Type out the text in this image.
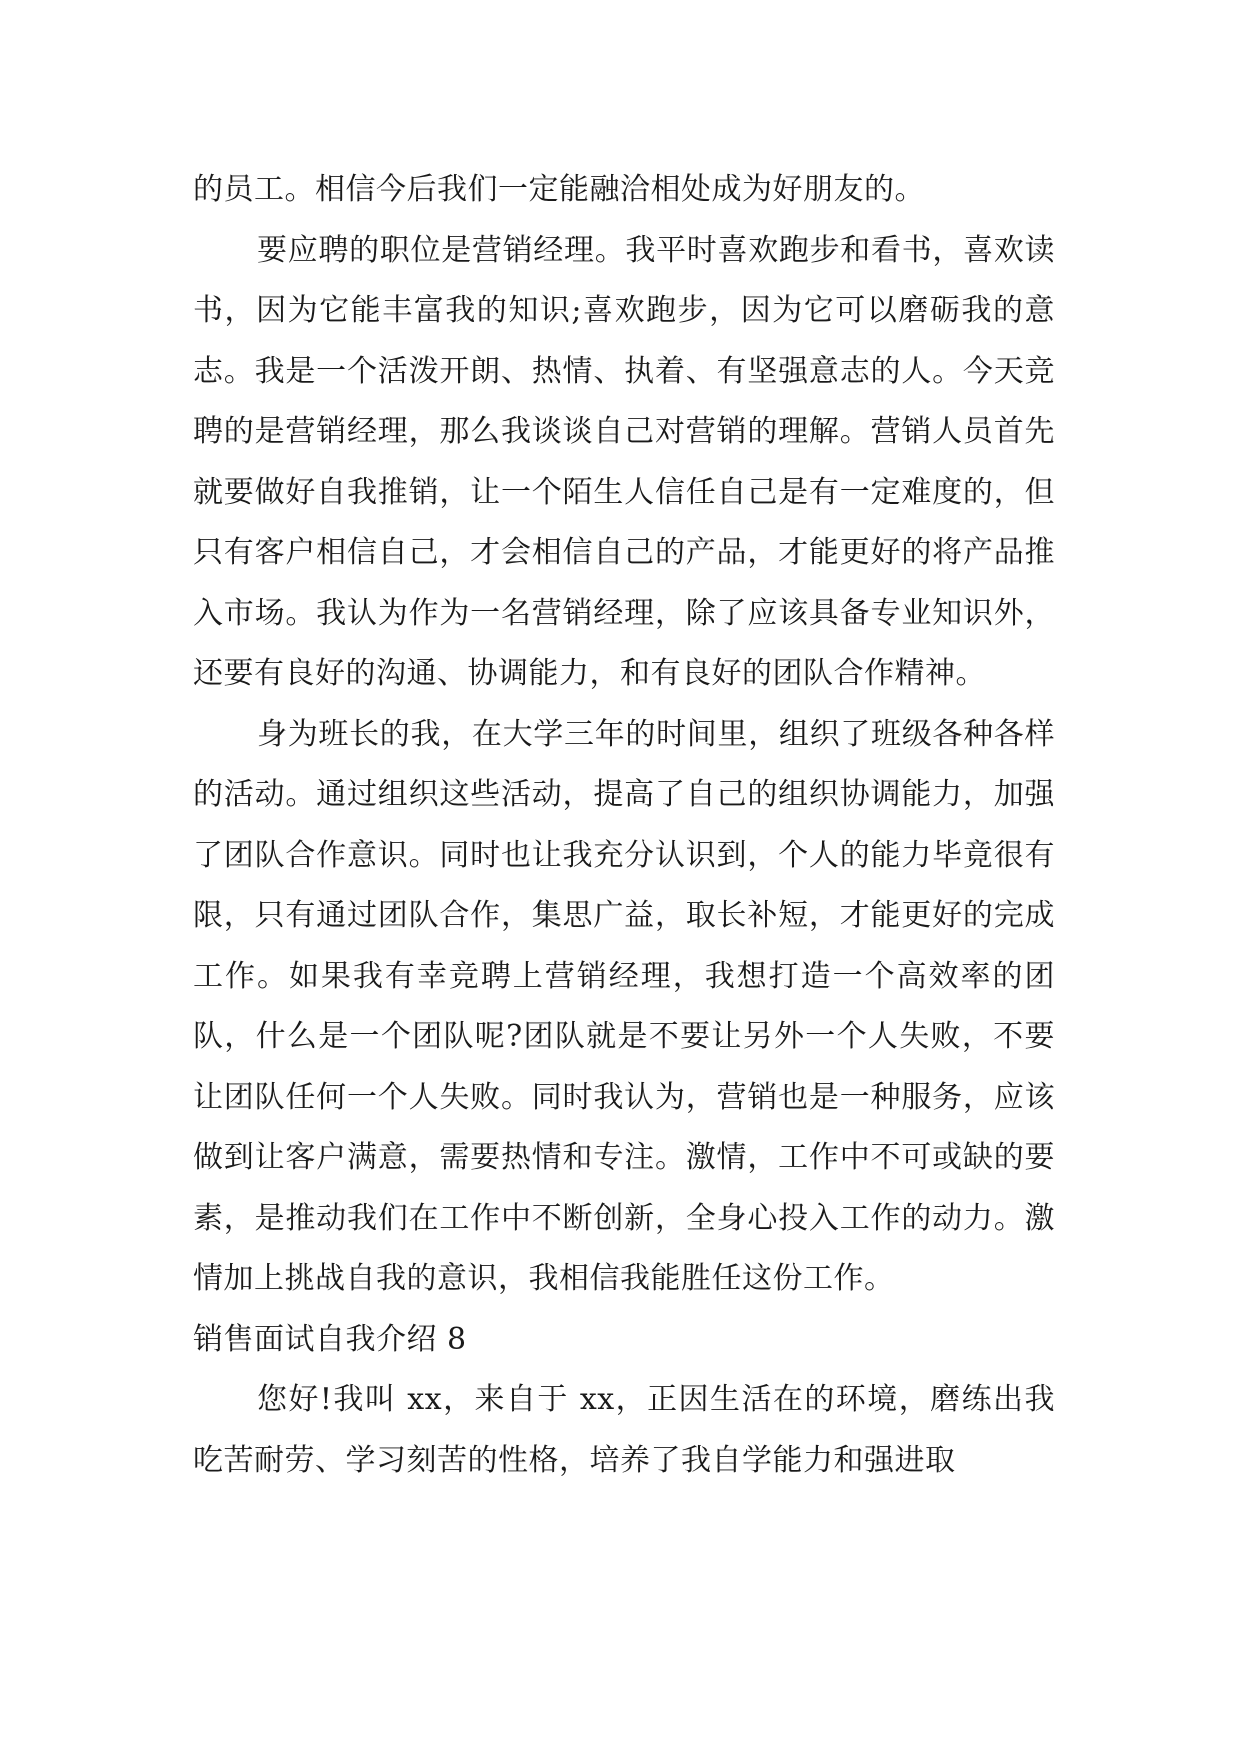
的员工。相信今后我们一定能融洽相处成为好朋友的。

要应聘的职位是营销经理。我平时喜欢跑步和看书，喜欢读书，因为它能丰富我的知识;喜欢跑步，因为它可以磨砺我的意志。我是一个活泼开朗、热情、执着、有坚强意志的人。今天竞聘的是营销经理，那么我谈谈自己对营销的理解。营销人员首先就要做好自我推销，让一个陌生人信任自己是有一定难度的，但只有客户相信自己，才会相信自己的产品，才能更好的将产品推入市场。我认为作为一名营销经理，除了应该具备专业知识外，还要有良好的沟通、协调能力，和有良好的团队合作精神。

身为班长的我，在大学三年的时间里，组织了班级各种各样的活动。通过组织这些活动，提高了自己的组织协调能力，加强了团队合作意识。同时也让我充分认识到，个人的能力毕竟很有限，只有通过团队合作，集思广益，取长补短，才能更好的完成工作。如果我有幸竞聘上营销经理，我想打造一个高效率的团队，什么是一个团队呢?团队就是不要让另外一个人失败，不要让团队任何一个人失败。同时我认为，营销也是一种服务，应该做到让客户满意，需要热情和专注。激情，工作中不可或缺的要素，是推动我们在工作中不断创新，全身心投入工作的动力。激情加上挑战自我的意识，我相信我能胜任这份工作。

销售面试自我介绍 8

您好!我叫 xx，来自于 xx，正因生活在的环境，磨练出我吃苦耐劳、学习刻苦的性格，培养了我自学能力和强进取
